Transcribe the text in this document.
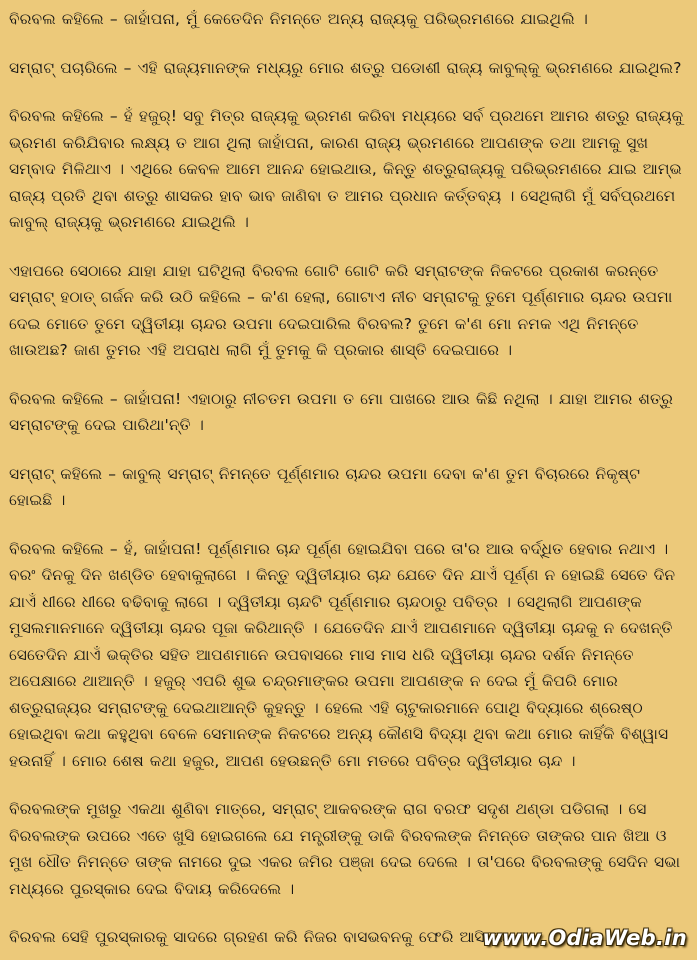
ବିରବଲ କହିଲେ – ଜାହାଁପନା, ମୁଁ କେତେଦିନ ନିମନ୍ତେ ଅନ୍ୟ ରାଜ୍ୟକୁ ପରିଭ୍ରମଣରେ ଯାଇଥିଲି ।

ସମ୍ରାଟ୍ ପଚାରିଲେ – ଏହି ରାଜ୍ୟମାନଙ୍କ ମଧ୍ୟରୁ ମୋର ଶତ୍ରୁ ପଡୋଶୀ ରାଜ୍ୟ କାବୁଲ୍କୁ ଭ୍ରମଣରେ ଯାଇଥିଲ?

ବିରବଲ କହିଲେ – ହଁ ହଜୁର୍! ସବୁ ମିତ୍ର ରାଜ୍ୟକୁ ଭ୍ରମଣ କରିବା ମଧ୍ୟରେ ସର୍ବ ପ୍ରଥମେ ଆମର ଶତ୍ରୁ ରାଜ୍ୟକୁ ଭ୍ରମଣ କରିଯିବାର ଲକ୍ଷ୍ୟ ତ ଆଗ ଥିଲା ଜାହାଁପନା, କାରଣ ରାଜ୍ୟ ଭ୍ରମଣରେ ଆପଣଙ୍କ ତଥା ଆମକୁ ସୁଖ ସମ୍ବାଦ ମିଳିଥାଏ । ଏଥିରେ କେବଳ ଆମେ ଆନନ୍ଦ ହୋଇଥାଉ, କିନ୍ତୁ ଶତ୍ରୁରାଜ୍ୟକୁ ପରିଭ୍ରମଣରେ ଯାଇ ଆମ୍ଭ ରାଜ୍ୟ ପ୍ରତି ଥିବା ଶତ୍ରୁ ଶାସକର ହାବ ଭାବ ଜାଣିବା ତ ଆମର ପ୍ରଧାନ କର୍ତ୍ତବ୍ୟ । ସେଥିଲାଗି ମୁଁ ସର୍ବପ୍ରଥମେ କାବୁଲ୍ ରାଜ୍ୟକୁ ଭ୍ରମଣରେ ଯାଇଥିଲି ।

ଏହାପରେ ସେଠାରେ ଯାହା ଯାହା ଘଟିଥିଲା ବିରବଲ ଗୋଟି ଗୋଟି କରି ସମ୍ରାଟଙ୍କ ନିକଟରେ ପ୍ରକାଶ କରନ୍ତେ ସମ୍ରାଟ୍ ହଠାତ୍ ଗର୍ଜନ କରି ଉଠି କହିଲେ – କ'ଣ ହେଲା, ଗୋଟାଏ ନୀଚ ସମ୍ରାଟକୁ ତୁମେ ପୂର୍ଣ୍ଣମାର ଚାନ୍ଦର ଉପମା ଦେଇ ମୋତେ ତୁମେ ଦ୍ୱିତୀୟା ଚାନ୍ଦର ଉପମା ଦେଇପାରିଲ ବିରବଲ? ତୁମେ କ'ଣ ମୋ ନମକ ଏଥି ନିମନ୍ତେ ଖାଉଅଛ? ଜାଣ ତୁମର ଏହି ଅପରାଧ ଲାଗି ମୁଁ ତୁମକୁ କି ପ୍ରକାର ଶାସ୍ତି ଦେଇପାରେ ।

ବିରବଲ କହିଲେ – ଜାହାଁପନା! ଏହାଠାରୁ ନୀଚତମ ଉପମା ତ ମୋ ପାଖରେ ଆଉ କିଛି ନଥିଲା । ଯାହା ଆମର ଶତ୍ରୁ ସମ୍ରାଟଙ୍କୁ ଦେଇ ପାରିଥା'ନ୍ତି ।

ସମ୍ରାଟ୍ କହିଲେ – କାବୁଲ୍ ସମ୍ରାଟ୍ ନିମନ୍ତେ ପୂର୍ଣ୍ଣମାର ଚାନ୍ଦର ଉପମା ଦେବା କ'ଣ ତୁମ ବିଚାରରେ ନିକୃଷ୍ଟ ହୋଇଛି ।

ବିରବଲ କହିଲେ – ହଁ, ଜାହାଁପନା! ପୂର୍ଣ୍ଣମାର ଚାନ୍ଦ ପୂର୍ଣ୍ଣ ହୋଇଯିବା ପରେ ତା'ର ଆଉ ବର୍ଦ୍ଧିତ ହେବାର ନଥାଏ । ବରଂ ଦିନକୁ ଦିନ ଖଣ୍ଡିତ ହେବାକୁଲାଗେ । କିନ୍ତୁ ଦ୍ୱିତୀୟାର ଚାନ୍ଦ ଯେତେ ଦିନ ଯାଏଁ ପୂର୍ଣ୍ଣ ନ ହୋଇଛି ସେତେ ଦିନ ଯାଏଁ ଧୀରେ ଧୀରେ ବଢିବାକୁ ଲାଗେ । ଦ୍ୱିତୀୟା ଚାନ୍ଦଟି ପୂର୍ଣ୍ଣମାର ଚାନ୍ଦଠାରୁ ପବିତ୍ର । ସେଥିଲାଗି ଆପଣଙ୍କ ମୁସଲମାନମାନେ ଦ୍ୱିତୀୟା ଚାନ୍ଦର ପୂଜା କରିଥାନ୍ତି । ଯେତେଦିନ ଯାଏଁ ଆପଣମାନେ ଦ୍ୱିତୀୟା ଚାନ୍ଦକୁ ନ ଦେଖନ୍ତି ସେତେଦିନ ଯାଏଁ ଭକ୍ତିର ସହିତ ଆପଣମାନେ ଉପବାସରେ ମାସ ମାସ ଧରି ଦ୍ୱିତୀୟା ଚାନ୍ଦର ଦର୍ଶନ ନିମନ୍ତେ ଅପେକ୍ଷାରେ ଥାଆନ୍ତି । ହଜୁର୍ ଏପରି ଶୁଭ ଚନ୍ଦ୍ରମାଙ୍କର ଉପମା ଆପଣଙ୍କ ନ ଦେଇ ମୁଁ କିପରି ମୋର ଶତ୍ରୁରାଜ୍ୟର ସମ୍ରାଟଙ୍କୁ ଦେଇଥାଆନ୍ତି କୁହନ୍ତୁ । ହେଲେ ଏହି ଚାଟୁକାରମାନେ ପୋଥି ବିଦ୍ୟାରେ ଶ୍ରେଷ୍ଠ ହୋଇଥିବା କଥା କହୁଥିବା ବେଳେ ସେମାନଙ୍କ ନିକଟରେ ଅନ୍ୟ କୌଣସି ବିଦ୍ୟା ଥିବା କଥା ମୋର କାହିଁକି ବିଶ୍ୱାସ ହଉନାହିଁ । ମୋର ଶେଷ କଥା ହଜୁର, ଆପଣ ହେଉଛନ୍ତି ମୋ ମତରେ ପବିତ୍ର ଦ୍ୱିତୀୟାର ଚାନ୍ଦ ।

ବିରବଲଙ୍କ ମୁଖରୁ ଏକଥା ଶୁଣିବା ମାତ୍ରେ, ସମ୍ରାଟ୍ ଆକବରଙ୍କ ରାଗ ବରଫ ସଦୃଶ ଥଣ୍ଡା ପଡିଗଲା । ସେ ବିରବଲଙ୍କ ଉପରେ ଏତେ ଖୁସି ହୋଇଗଲେ ଯେ ମନ୍ତ୍ରୀଙ୍କୁ ଡାକି ବିରବଲଙ୍କ ନିମନ୍ତେ ତାଙ୍କର ପାନ ଖିଆ ଓ ମୁଖ ଧୌତ ନିମନ୍ତେ ତାଙ୍କ ନାମରେ ଦୁଇ ଏକର ଜମିର ପଞ୍ଜା ଦେଇ ଦେଲେ । ତା'ପରେ ବିରବଲଙ୍କୁ ସେଦିନ ସଭା ମଧ୍ୟରେ ପୁରସ୍କାର ଦେଇ ବିଦାୟ କରିଦେଲେ ।

ବିରବଲ ସେହି ପୁରସ୍କାରକୁ ସାଦରେ ଗ୍ରହଣ କରି ନିଜର ବାସଭବନକୁ ଫେରି ଆସିଲେ ।

www.OdiaWeb.in
